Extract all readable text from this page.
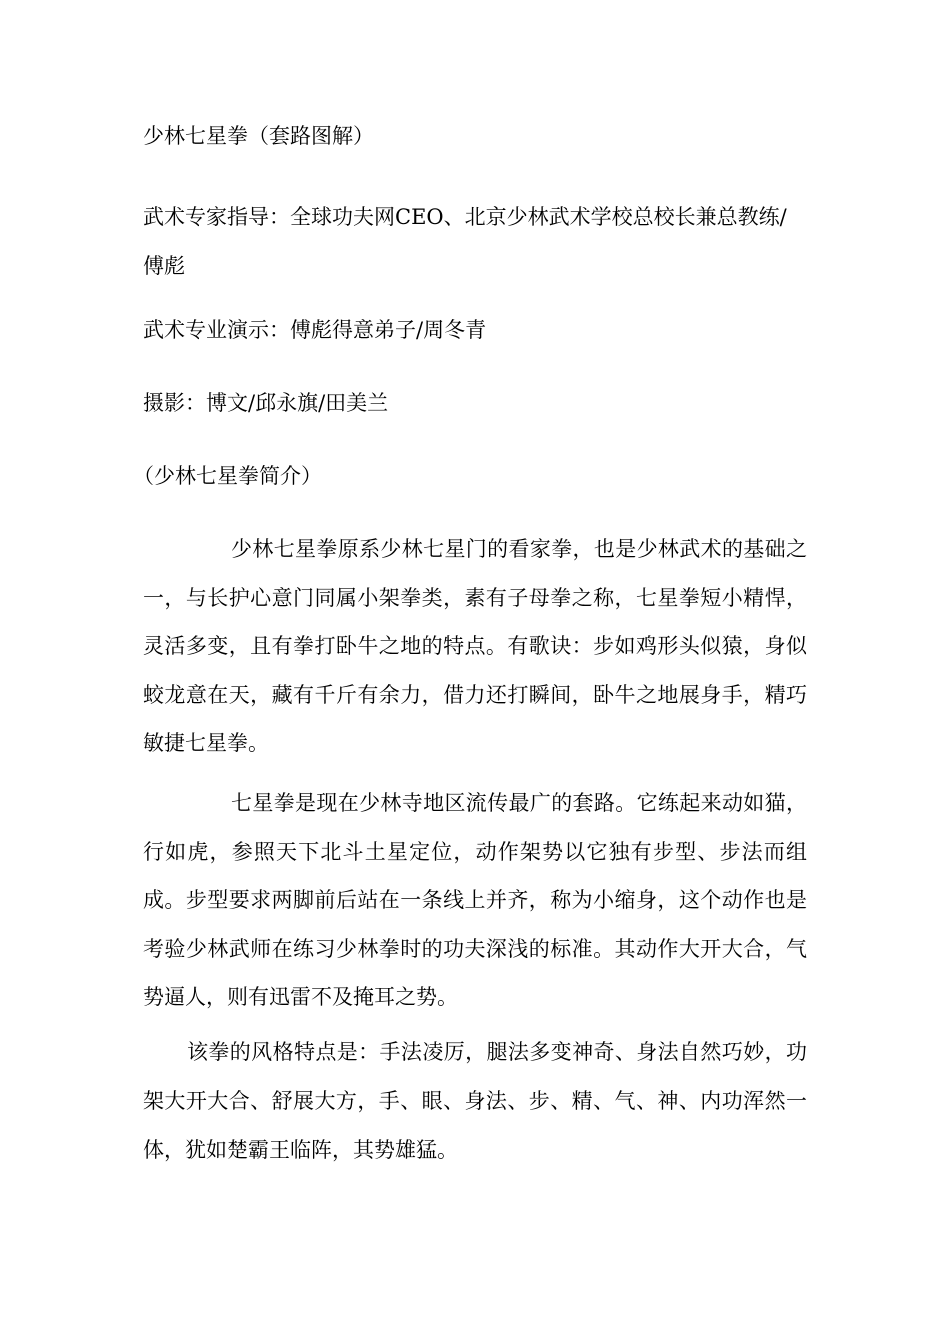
少林七星拳（套路图解）
武术专家指导：全球功夫网CEO、北京少林武术学校总校长兼总教练/傅彪
武术专业演示：傅彪得意弟子/周冬青
摄影：博文/邱永旗/田美兰
（少林七星拳简介）
少林七星拳原系少林七星门的看家拳，也是少林武术的基础之一，与长护心意门同属小架拳类，素有子母拳之称，七星拳短小精悍，灵活多变，且有拳打卧牛之地的特点。有歌诀：步如鸡形头似猿，身似蛟龙意在天，藏有千斤有余力，借力还打瞬间，卧牛之地展身手，精巧敏捷七星拳。
七星拳是现在少林寺地区流传最广的套路。它练起来动如猫，行如虎，参照天下北斗土星定位，动作架势以它独有步型、步法而组成。步型要求两脚前后站在一条线上并齐，称为小缩身，这个动作也是考验少林武师在练习少林拳时的功夫深浅的标准。其动作大开大合，气势逼人，则有迅雷不及掩耳之势。
该拳的风格特点是：手法凌厉，腿法多变神奇、身法自然巧妙，功架大开大合、舒展大方，手、眼、身法、步、精、气、神、内功浑然一体，犹如楚霸王临阵，其势雄猛。
